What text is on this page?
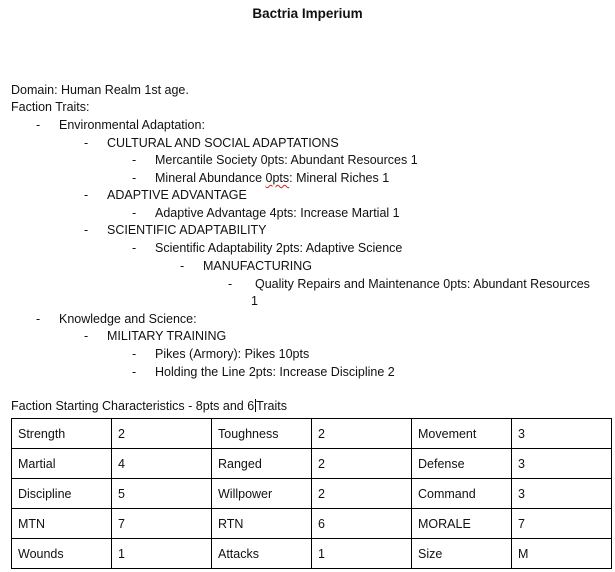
Bactria Imperium
Domain: Human Realm 1st age.
Faction Traits:
- Environmental Adaptation:
- CULTURAL AND SOCIAL ADAPTATIONS
- Mercantile Society 0pts: Abundant Resources 1
- Mineral Abundance 0pts: Mineral Riches 1
- ADAPTIVE ADVANTAGE
- Adaptive Advantage 4pts: Increase Martial 1
- SCIENTIFIC ADAPTABILITY
- Scientific Adaptability 2pts: Adaptive Science
- MANUFACTURING
- Quality Repairs and Maintenance 0pts: Abundant Resources
1
- Knowledge and Science:
- MILITARY TRAINING
- Pikes (Armory): Pikes 10pts
- Holding the Line 2pts: Increase Discipline 2
Faction Starting Characteristics - 8pts and 6 Traits
Strength	2	Toughness	2	Movement	3
Martial	4	Ranged	2	Defense	3
Discipline	5	Willpower	2	Command	3
MTN	7	RTN	6	MORALE	7
Wounds	1	Attacks	1	Size	M
